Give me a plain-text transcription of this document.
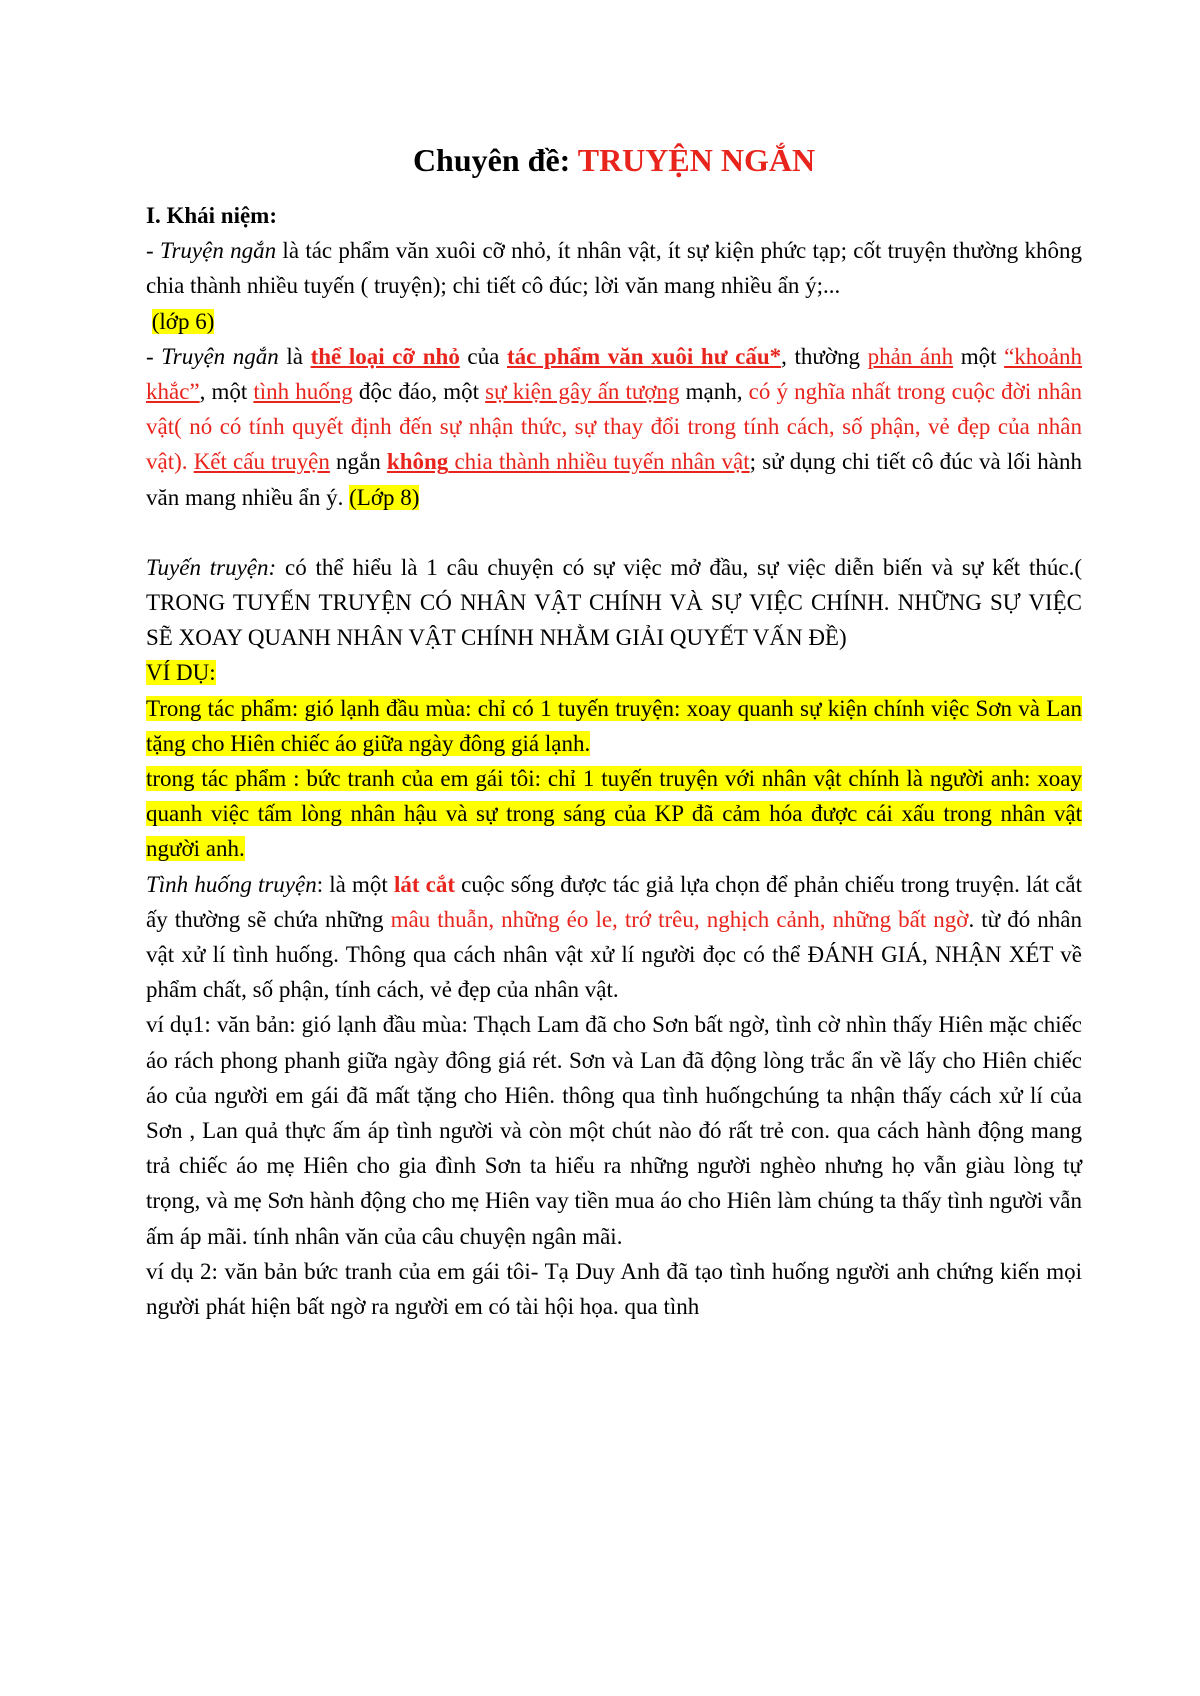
Chuyên đề: TRUYỆN NGẮN

I. Khái niệm:

- Truyện ngắn là tác phẩm văn xuôi cỡ nhỏ, ít nhân vật, ít sự kiện phức tạp; cốt truyện thường không chia thành nhiều tuyến ( truyện); chi tiết cô đúc; lời văn mang nhiều ẩn ý;...

(lớp 6)

- Truyện ngắn là thể loại cỡ nhỏ của tác phẩm văn xuôi hư cấu*, thường phản ánh một “khoảnh khắc”, một tình huống độc đáo, một sự kiện gây ấn tượng mạnh, có ý nghĩa nhất trong cuộc đời nhân vật( nó có tính quyết định đến sự nhận thức, sự thay đổi trong tính cách, số phận, vẻ đẹp của nhân vật). Kết cấu truyện ngắn không chia thành nhiều tuyến nhân vật; sử dụng chi tiết cô đúc và lối hành văn mang nhiều ẩn ý. (Lớp 8)

Tuyến truyện: có thể hiểu là 1 câu chuyện có sự việc mở đầu, sự việc diễn biến và sự kết thúc.( TRONG TUYẾN TRUYỆN CÓ NHÂN VẬT CHÍNH VÀ SỰ VIỆC CHÍNH. NHỮNG SỰ VIỆC SẼ XOAY QUANH NHÂN VẬT CHÍNH NHẰM GIẢI QUYẾT VẤN ĐỀ)

VÍ DỤ:

Trong tác phẩm: gió lạnh đầu mùa: chỉ có 1 tuyến truyện: xoay quanh sự kiện chính việc Sơn và Lan tặng cho Hiên chiếc áo giữa ngày đông giá lạnh.

trong tác phẩm : bức tranh của em gái tôi: chỉ 1 tuyến truyện với nhân vật chính là người anh: xoay quanh việc tấm lòng nhân hậu và sự trong sáng của KP đã cảm hóa được cái xấu trong nhân vật người anh.

Tình huống truyện: là một lát cắt cuộc sống được tác giả lựa chọn để phản chiếu trong truyện. lát cắt ấy thường sẽ chứa những mâu thuẫn, những éo le, trớ trêu, nghịch cảnh, những bất ngờ. từ đó nhân vật xử lí tình huống. Thông qua cách nhân vật xử lí người đọc có thể ĐÁNH GIÁ, NHẬN XÉT về phẩm chất, số phận, tính cách, vẻ đẹp của nhân vật.

ví dụ1: văn bản: gió lạnh đầu mùa: Thạch Lam đã cho Sơn bất ngờ, tình cờ nhìn thấy Hiên mặc chiếc áo rách phong phanh giữa ngày đông giá rét. Sơn và Lan đã động lòng trắc ẩn về lấy cho Hiên chiếc áo của người em gái đã mất tặng cho Hiên. thông qua tình huốngchúng ta nhận thấy cách xử lí của Sơn , Lan quả thực ấm áp tình người và còn một chút nào đó rất trẻ con. qua cách hành động mang trả chiếc áo mẹ Hiên cho gia đình Sơn ta hiểu ra những người nghèo nhưng họ vẫn giàu lòng tự trọng, và mẹ Sơn hành động cho mẹ Hiên vay tiền mua áo cho Hiên làm chúng ta thấy tình người vẫn ấm áp mãi. tính nhân văn của câu chuyện ngân mãi.

ví dụ 2: văn bản bức tranh của em gái tôi- Tạ Duy Anh đã tạo tình huống người anh chứng kiến mọi người phát hiện bất ngờ ra người em có tài hội họa. qua tình
